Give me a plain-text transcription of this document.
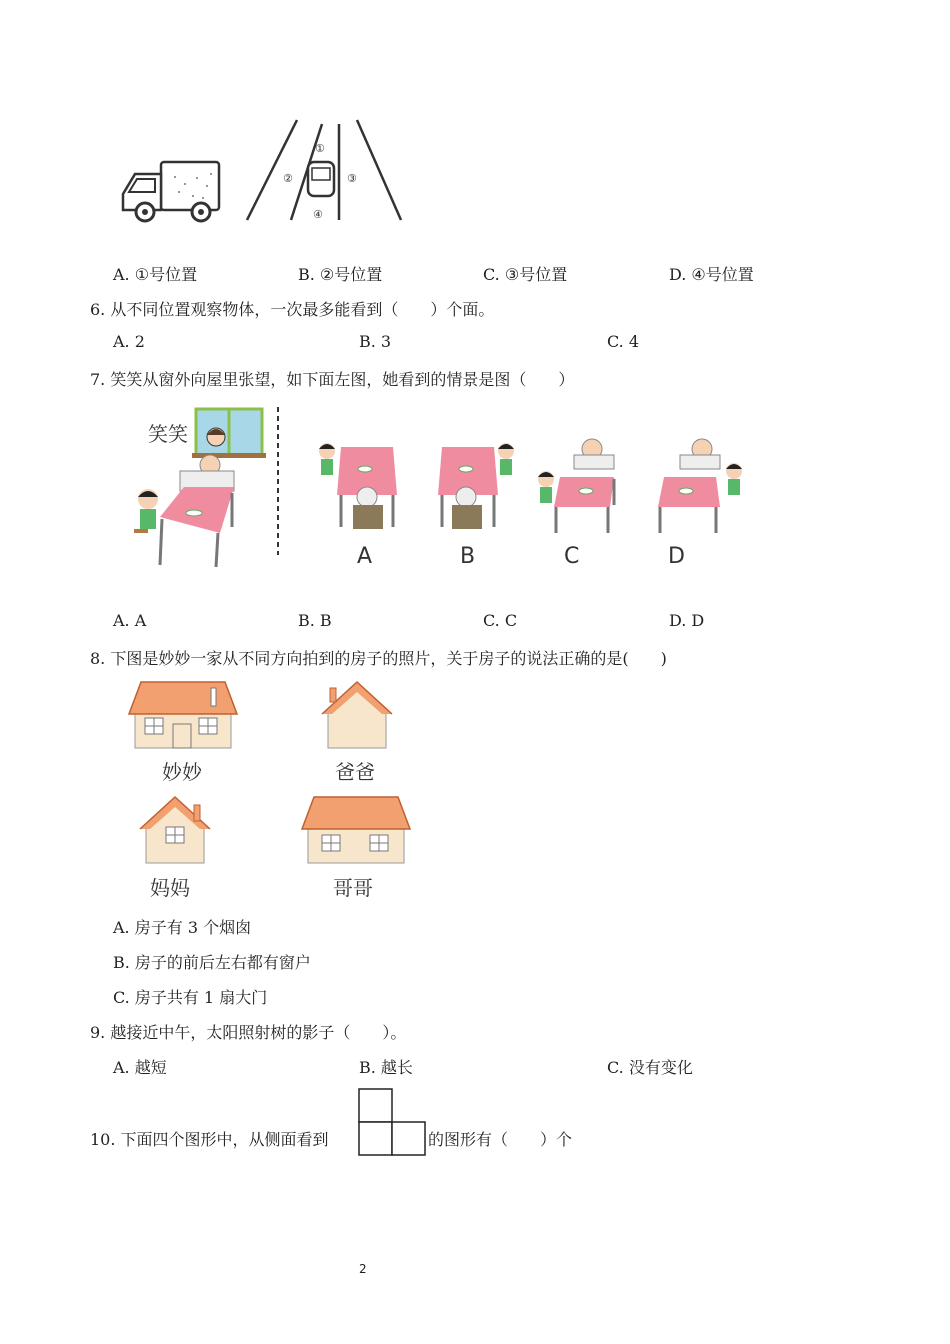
①
②	③
④
A. ①号位置	B. ②号位置	C. ③号位置	D. ④号位置
6. 从不同位置观察物体，一次最多能看到（　　）个面。
A. 2	B. 3	C. 4
7. 笑笑从窗外向屋里张望，如下面左图，她看到的情景是图（　　）
笑笑
A	B	C	D
A. A	B. B	C. C	D. D
8. 下图是妙妙一家从不同方向拍到的房子的照片，关于房子的说法正确的是(　　)
妙妙	爸爸
妈妈	哥哥
A. 房子有 3 个烟囱
B. 房子的前后左右都有窗户
C. 房子共有 1 扇大门
9. 越接近中午，太阳照射树的影子（　　）。
A. 越短	B. 越长	C. 没有变化
10. 下面四个图形中，从侧面看到	的图形有（　　）个
2
